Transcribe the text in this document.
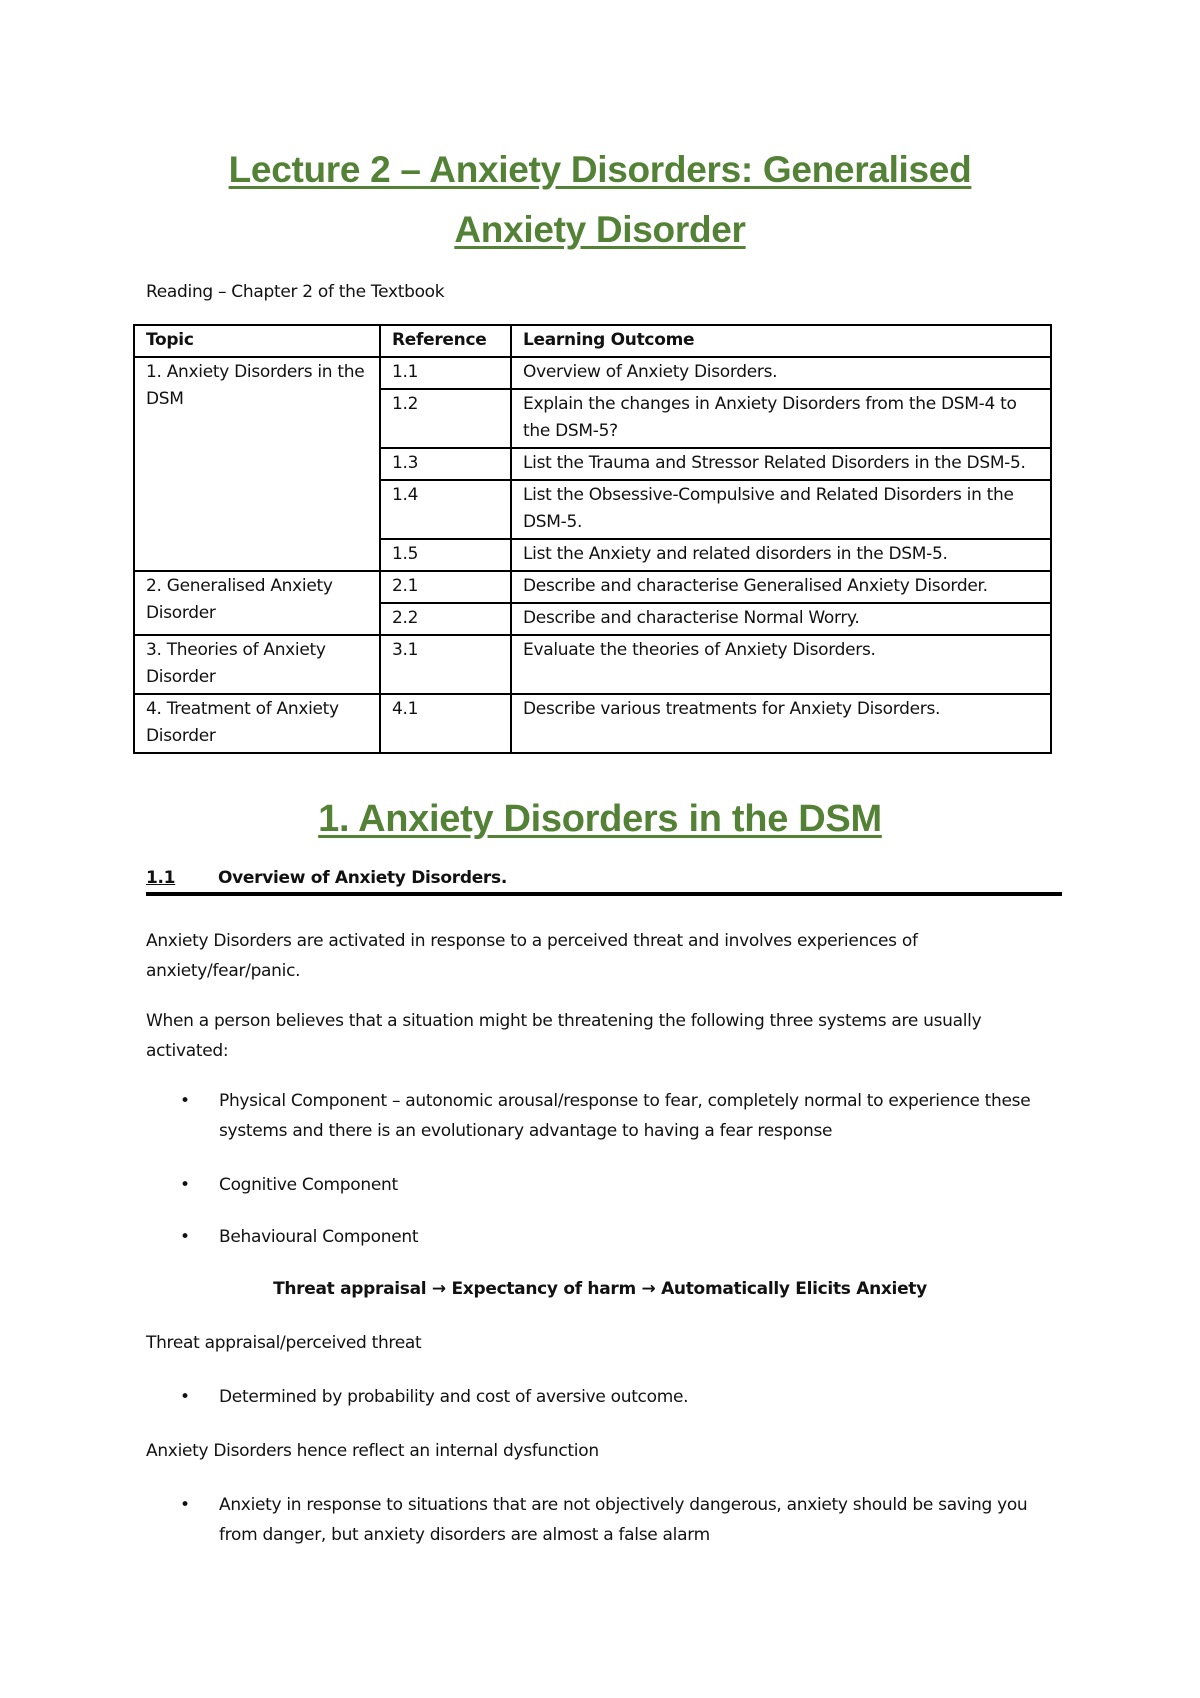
Lecture 2 – Anxiety Disorders: Generalised
Anxiety Disorder
Reading – Chapter 2 of the Textbook
Topic	Reference	Learning Outcome
1. Anxiety Disorders in the DSM	1.1	Overview of Anxiety Disorders.
	1.2	Explain the changes in Anxiety Disorders from the DSM-4 to the DSM-5?
	1.3	List the Trauma and Stressor Related Disorders in the DSM-5.
	1.4	List the Obsessive-Compulsive and Related Disorders in the DSM-5.
	1.5	List the Anxiety and related disorders in the DSM-5.
2. Generalised Anxiety Disorder	2.1	Describe and characterise Generalised Anxiety Disorder.
	2.2	Describe and characterise Normal Worry.
3. Theories of Anxiety Disorder	3.1	Evaluate the theories of Anxiety Disorders.
4. Treatment of Anxiety Disorder	4.1	Describe various treatments for Anxiety Disorders.
1. Anxiety Disorders in the DSM
1.1	Overview of Anxiety Disorders.
Anxiety Disorders are activated in response to a perceived threat and involves experiences of anxiety/fear/panic.
When a person believes that a situation might be threatening the following three systems are usually activated:
• Physical Component – autonomic arousal/response to fear, completely normal to experience these systems and there is an evolutionary advantage to having a fear response
• Cognitive Component
• Behavioural Component
Threat appraisal → Expectancy of harm → Automatically Elicits Anxiety
Threat appraisal/perceived threat
• Determined by probability and cost of aversive outcome.
Anxiety Disorders hence reflect an internal dysfunction
• Anxiety in response to situations that are not objectively dangerous, anxiety should be saving you from danger, but anxiety disorders are almost a false alarm
